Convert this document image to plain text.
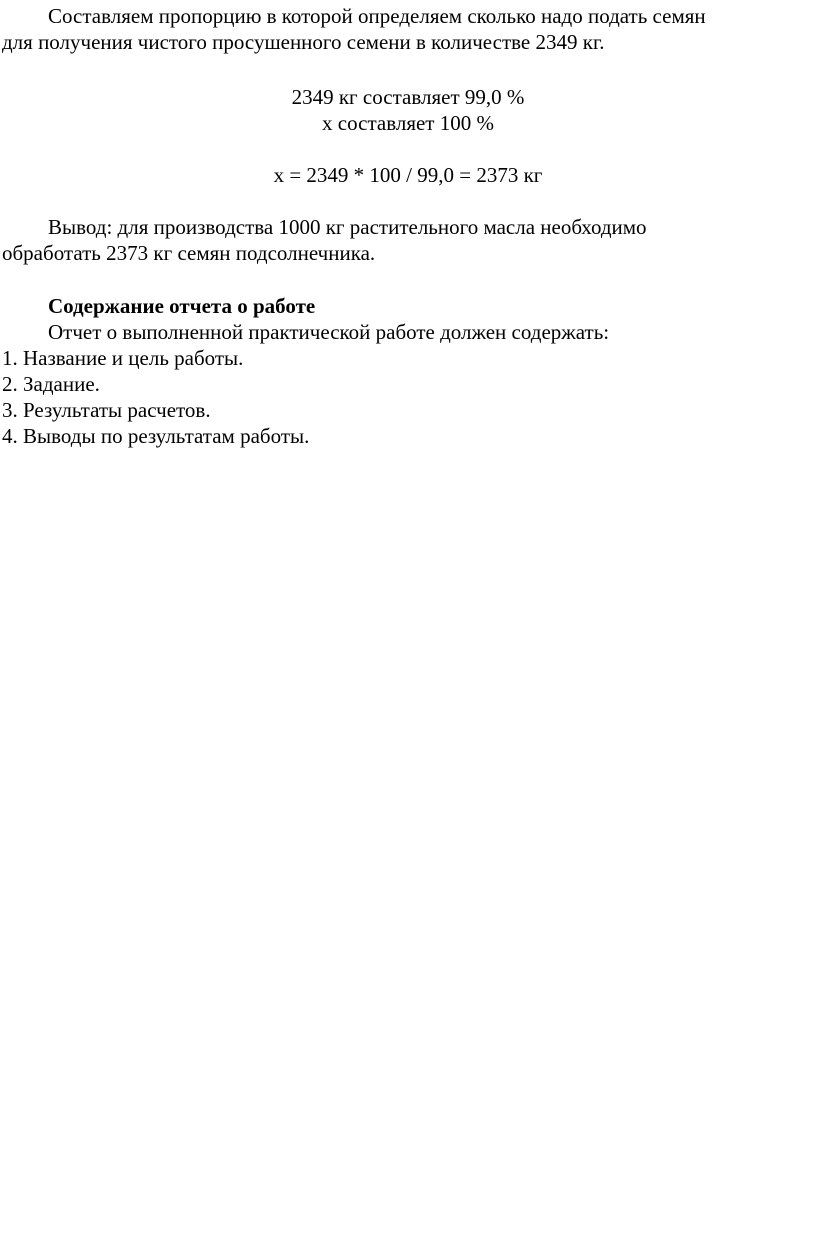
Составляем пропорцию в которой определяем сколько надо подать семян

для получения чистого просушенного семени в количестве 2349 кг.

2349 кг составляет 99,0 %

х составляет 100 %

х = 2349 * 100 / 99,0 = 2373 кг

Вывод: для производства 1000 кг растительного масла необходимо

обработать 2373 кг семян подсолнечника.

Содержание отчета о работе

Отчет о выполненной практической работе должен содержать:

1. Название и цель работы.
2. Задание.
3. Результаты расчетов.
4. Выводы по результатам работы.
